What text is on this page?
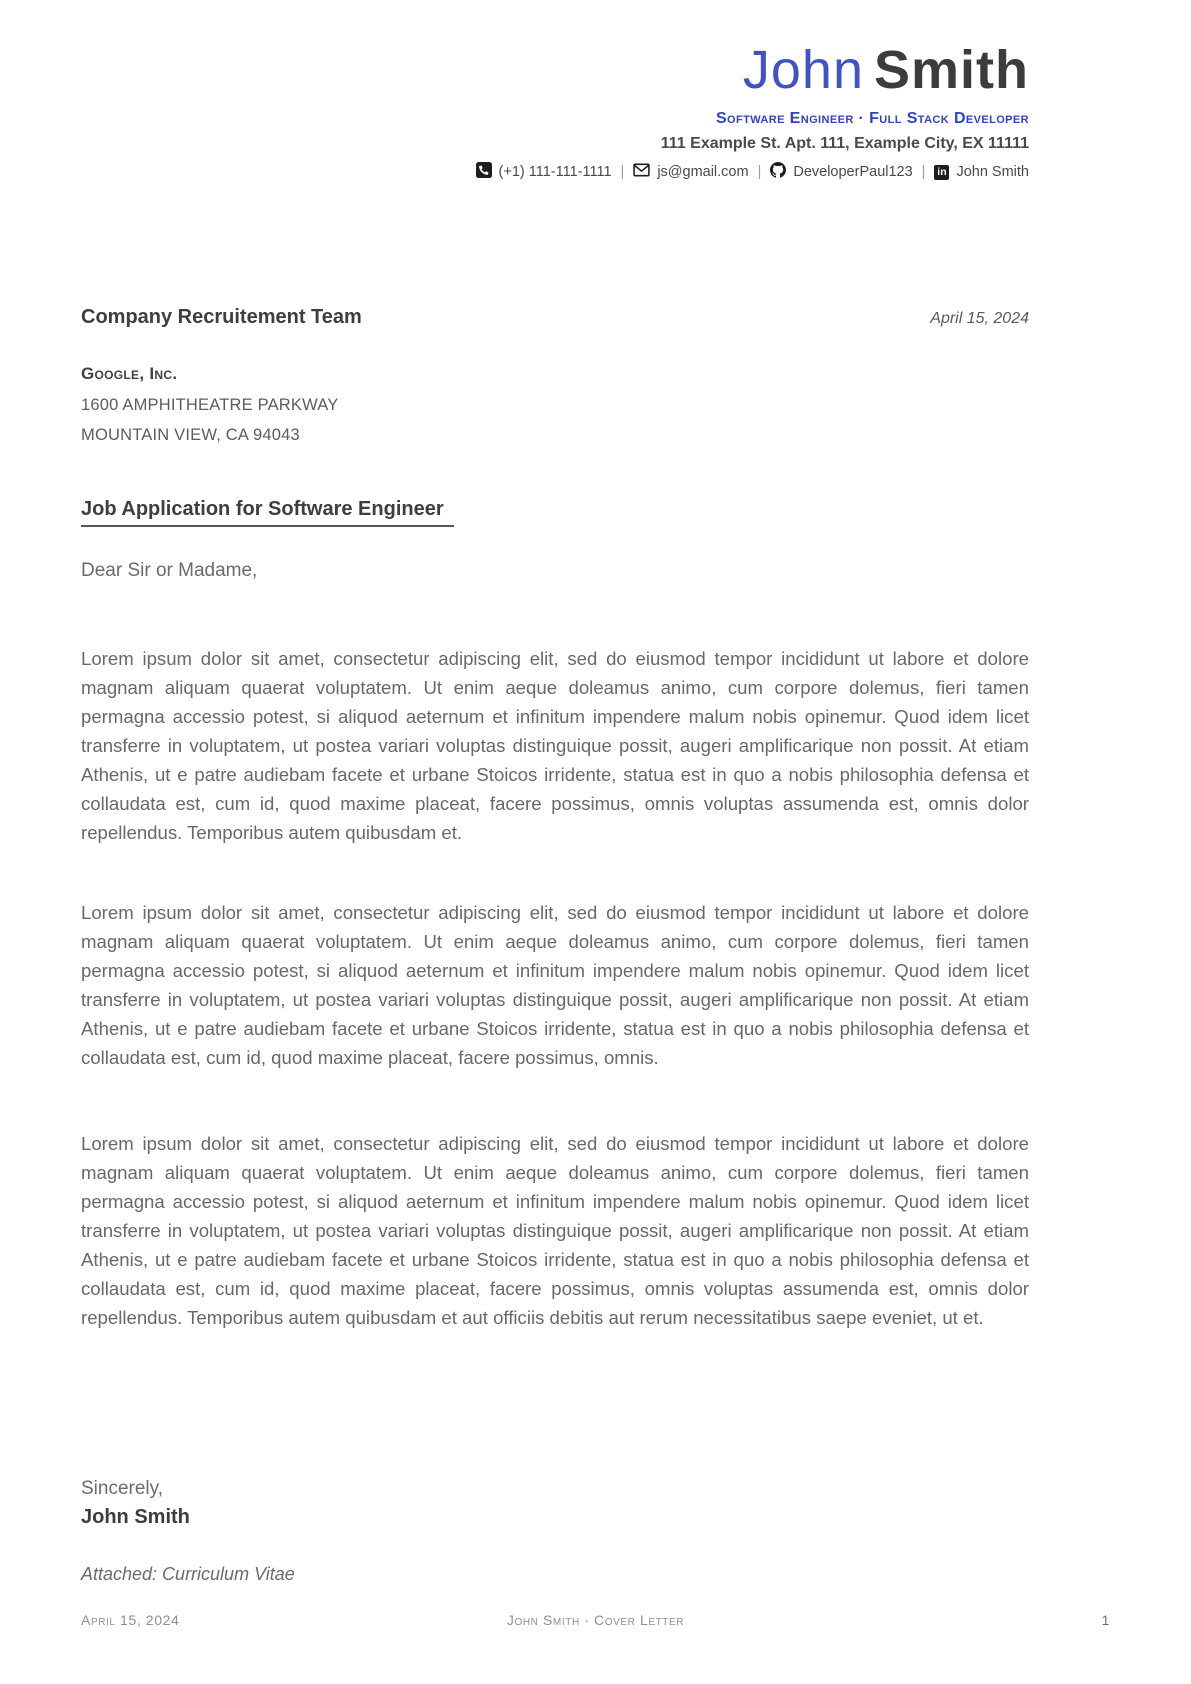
John Smith
Software Engineer · Full Stack Developer
111 Example St. Apt. 111, Example City, EX 11111
(+1) 111-111-1111 | js@gmail.com | DeveloperPaul123 | in John Smith
Company Recruitement Team	April 15, 2024
Google, Inc.
1600 AMPHITHEATRE PARKWAY
MOUNTAIN VIEW, CA 94043
Job Application for Software Engineer
Dear Sir or Madame,
Lorem ipsum dolor sit amet, consectetur adipiscing elit, sed do eiusmod tempor incididunt ut labore et dolore magnam aliquam quaerat voluptatem. Ut enim aeque doleamus animo, cum corpore dolemus, fieri tamen permagna accessio potest, si aliquod aeternum et infinitum impendere malum nobis opinemur. Quod idem licet transferre in voluptatem, ut postea variari voluptas distinguique possit, augeri amplificarique non possit. At etiam Athenis, ut e patre audiebam facete et urbane Stoicos irridente, statua est in quo a nobis philosophia defensa et collaudata est, cum id, quod maxime placeat, facere possimus, omnis voluptas assumenda est, omnis dolor repellendus. Temporibus autem quibusdam et.
Lorem ipsum dolor sit amet, consectetur adipiscing elit, sed do eiusmod tempor incididunt ut labore et dolore magnam aliquam quaerat voluptatem. Ut enim aeque doleamus animo, cum corpore dolemus, fieri tamen permagna accessio potest, si aliquod aeternum et infinitum impendere malum nobis opinemur. Quod idem licet transferre in voluptatem, ut postea variari voluptas distinguique possit, augeri amplificarique non possit. At etiam Athenis, ut e patre audiebam facete et urbane Stoicos irridente, statua est in quo a nobis philosophia defensa et collaudata est, cum id, quod maxime placeat, facere possimus, omnis.
Lorem ipsum dolor sit amet, consectetur adipiscing elit, sed do eiusmod tempor incididunt ut labore et dolore magnam aliquam quaerat voluptatem. Ut enim aeque doleamus animo, cum corpore dolemus, fieri tamen permagna accessio potest, si aliquod aeternum et infinitum impendere malum nobis opinemur. Quod idem licet transferre in voluptatem, ut postea variari voluptas distinguique possit, augeri amplificarique non possit. At etiam Athenis, ut e patre audiebam facete et urbane Stoicos irridente, statua est in quo a nobis philosophia defensa et collaudata est, cum id, quod maxime placeat, facere possimus, omnis voluptas assumenda est, omnis dolor repellendus. Temporibus autem quibusdam et aut officiis debitis aut rerum necessitatibus saepe eveniet, ut et.
Sincerely,
John Smith
Attached: Curriculum Vitae
John Smith · Cover Letter
April 15, 2024	1
